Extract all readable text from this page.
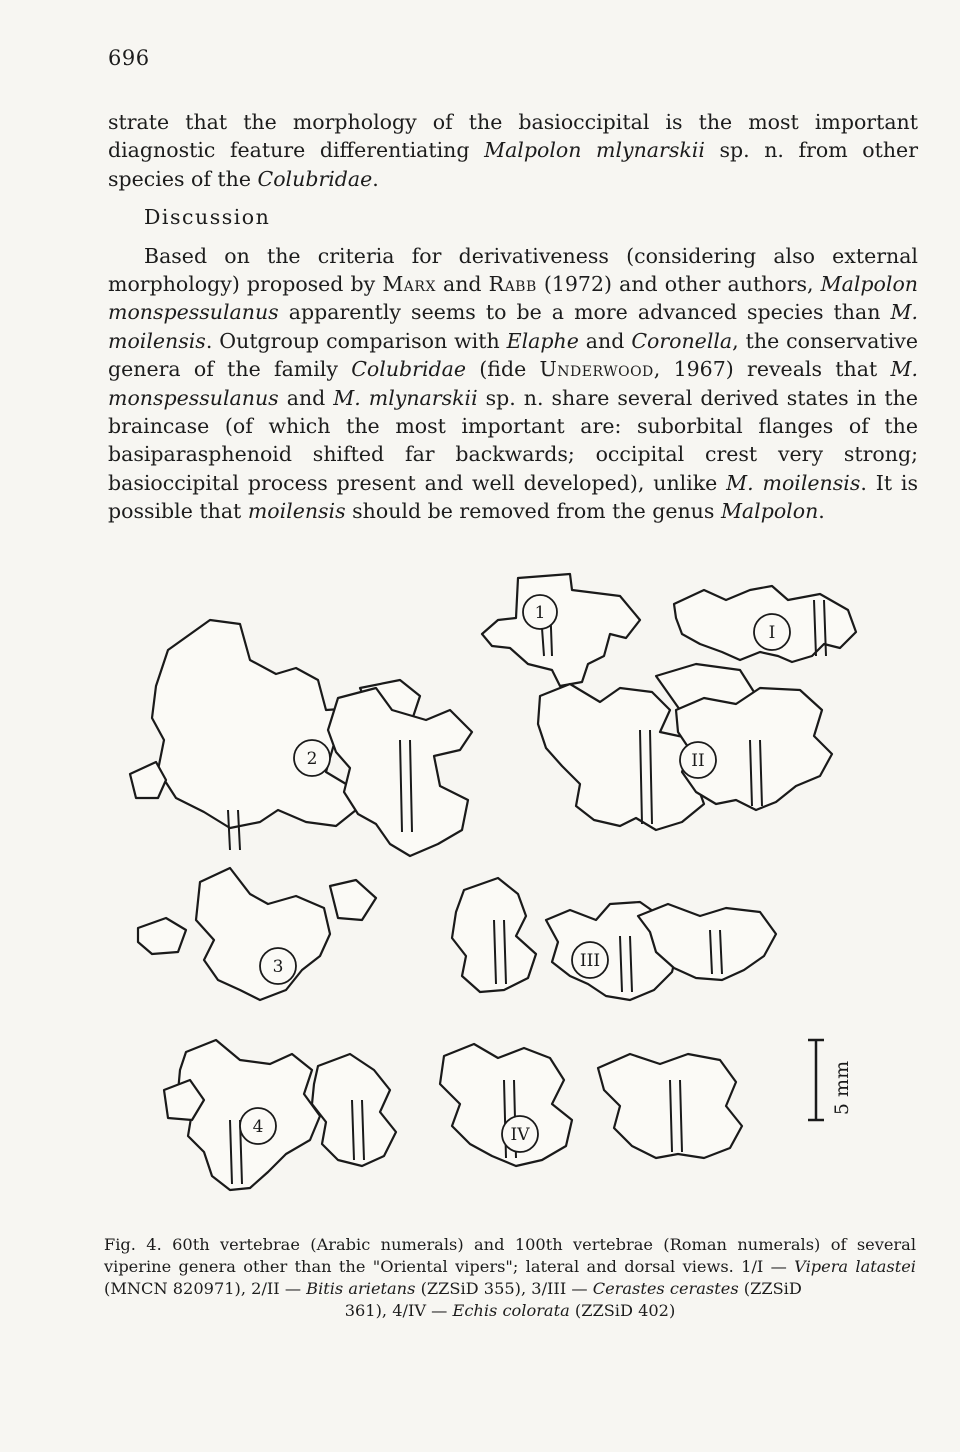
696

strate that the morphology of the basioccipital is the most important diagnostic feature differentiating Malpolon mlynarskii sp. n. from other species of the Colubridae.

Discussion

Based on the criteria for derivativeness (considering also external morphology) proposed by Marx and Rabb (1972) and other authors, Malpolon monspessulanus apparently seems to be a more advanced species than M. moilensis. Outgroup comparison with Elaphe and Coronella, the conservative genera of the family Colubridae (fide Underwood, 1967) reveals that M. monspessulanus and M. mlynarskii sp. n. share several derived states in the braincase (of which the most important are: suborbital flanges of the basiparasphenoid shifted far backwards; occipital crest very strong; basioccipital process present and well developed), unlike M. moilensis. It is possible that moilensis should be removed from the genus Malpolon.

1
I
2	II
3	III
4	IV
5 mm
Fig. 4. 60th vertebrae (Arabic numerals) and 100th vertebrae (Roman numerals) of several viperine genera other than the "Oriental vipers"; lateral and dorsal views. 1/I — Vipera latastei (MNCN 820971), 2/II — Bitis arietans (ZZSiD 355), 3/III — Cerastes cerastes (ZZSiD
361), 4/IV — Echis colorata (ZZSiD 402)
